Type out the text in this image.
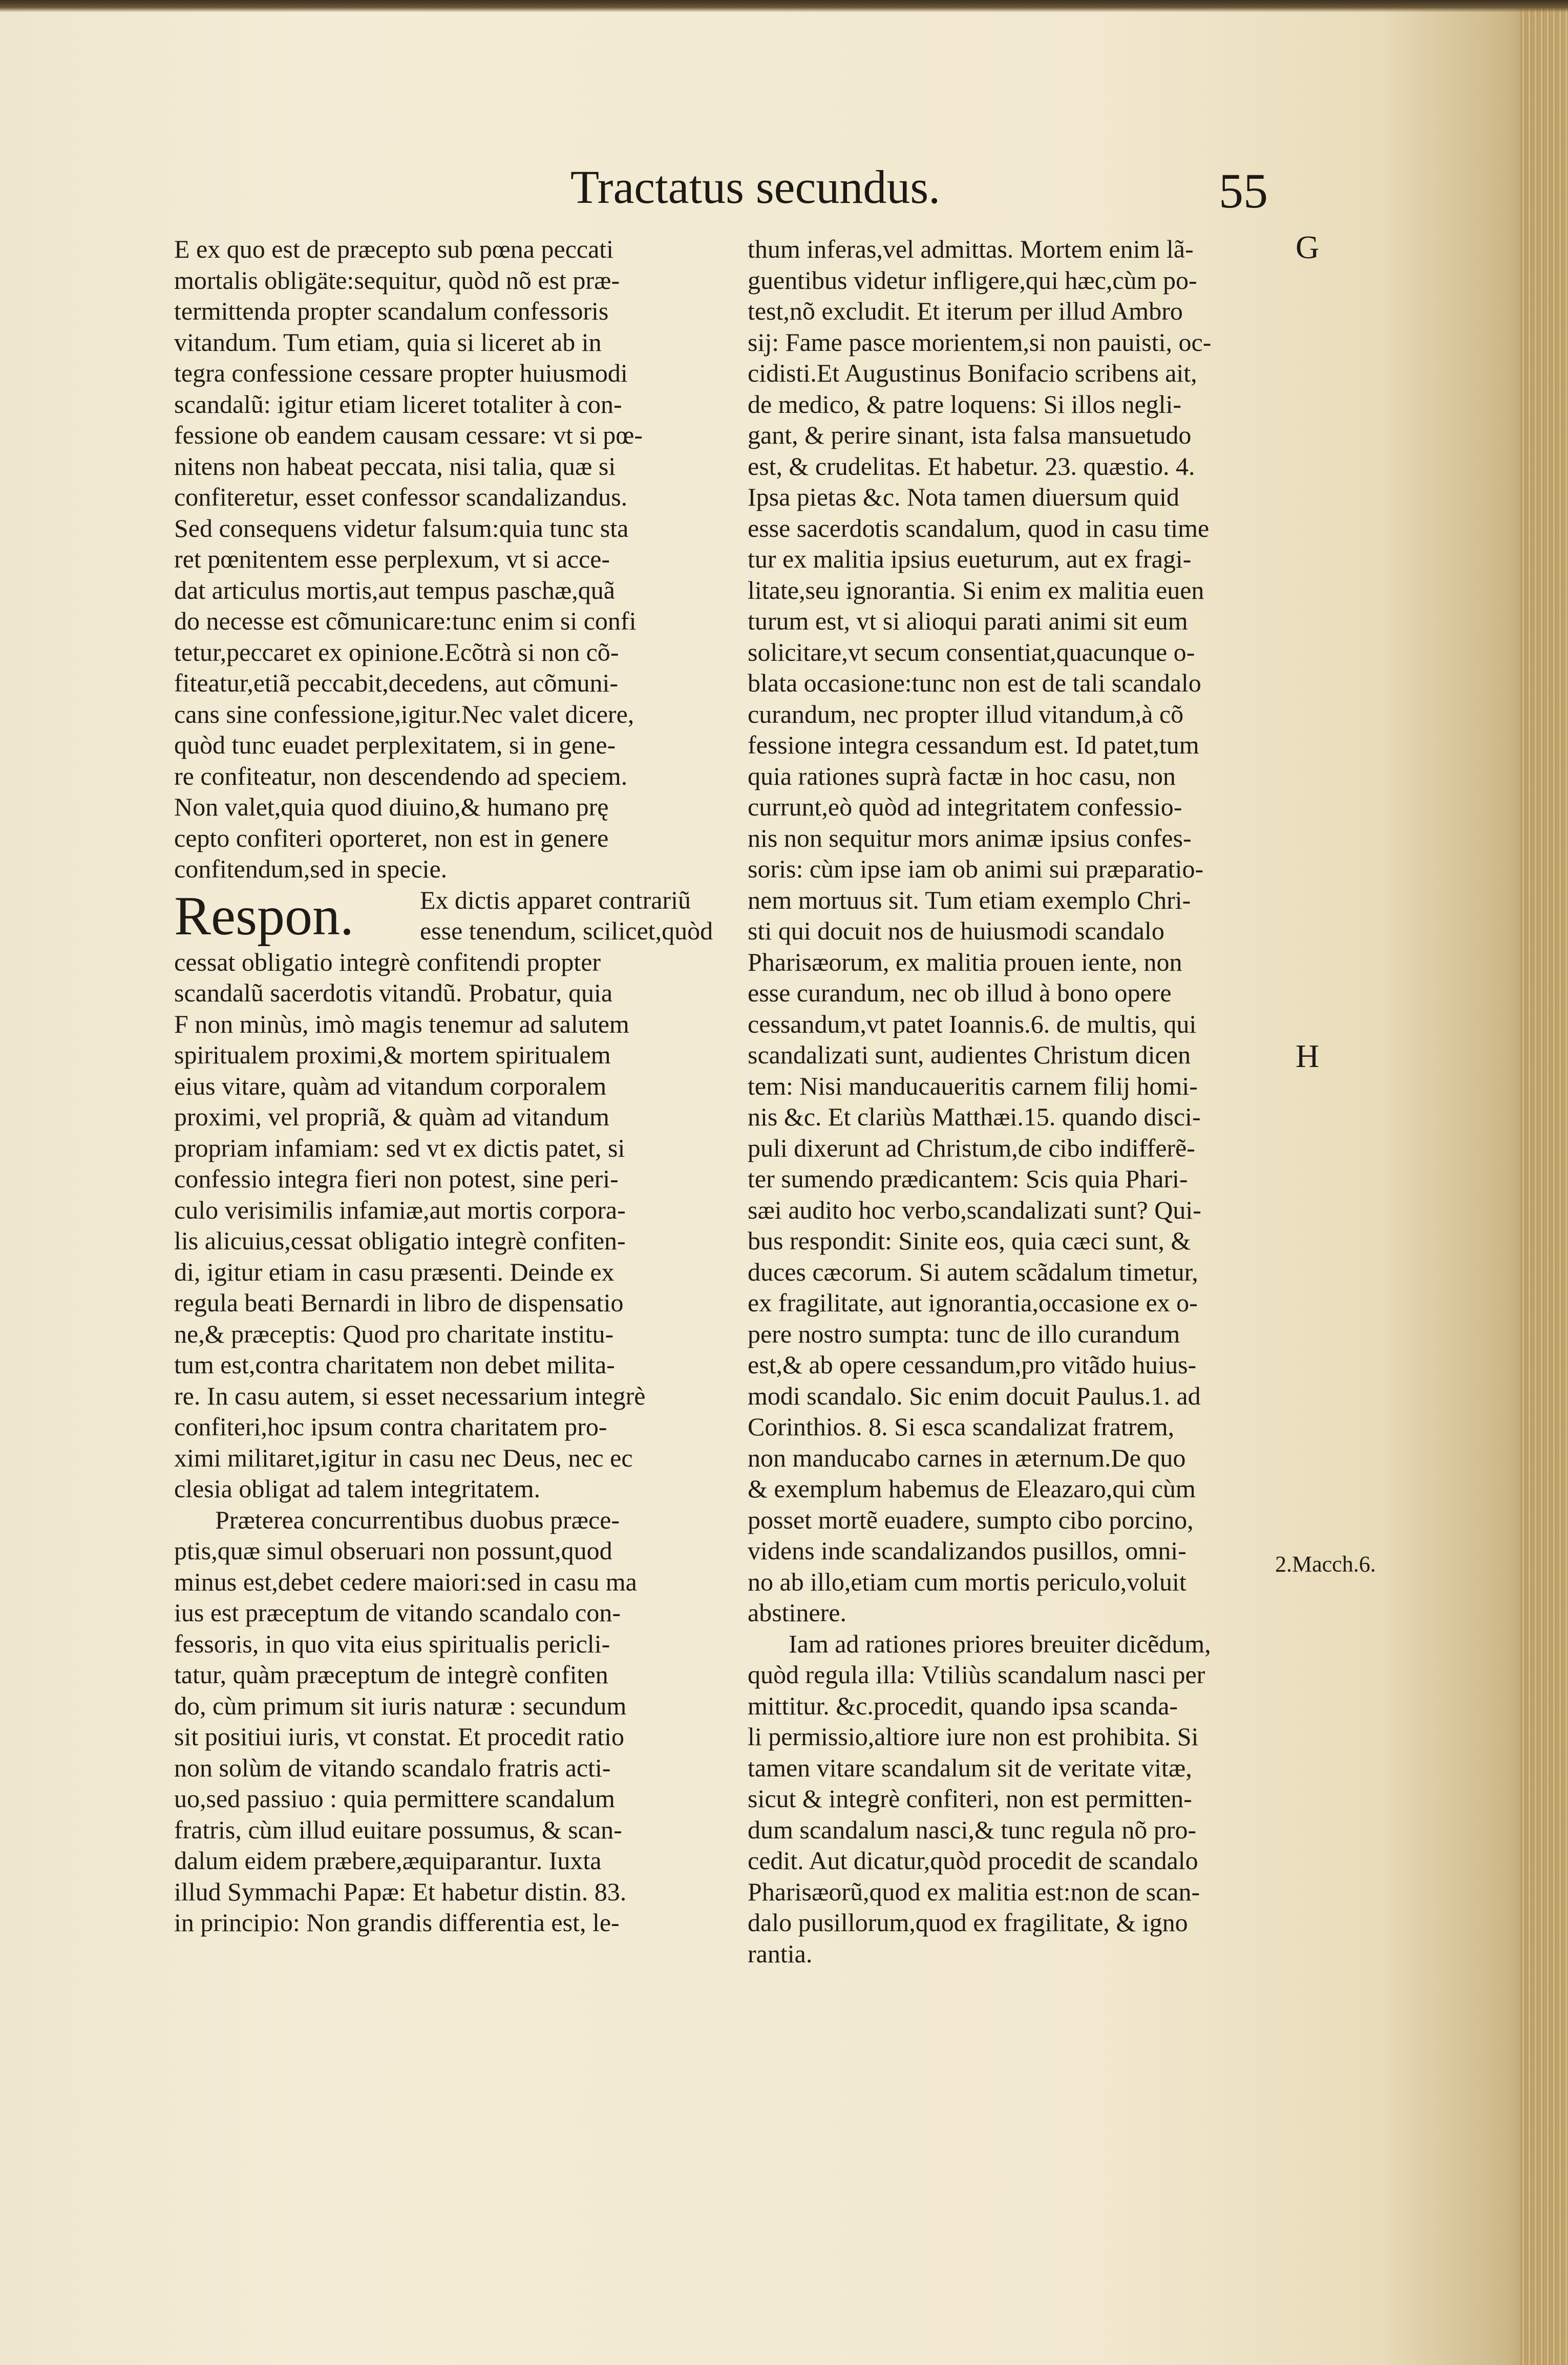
Tractatus secundus.	55
E ex quo est de præcepto sub pœna peccati
mortalis obligäte:sequitur, quòd nõ est præ-
termittenda propter scandalum confessoris
vitandum. Tum etiam, quia si liceret ab in
tegra confessione cessare propter huiusmodi
scandalũ: igitur etiam liceret totaliter à con-
fessione ob eandem causam cessare: vt si pœ-
nitens non habeat peccata, nisi talia, quæ si
confiteretur, esset confessor scandalizandus.
Sed consequens videtur falsum:quia tunc sta
ret pœnitentem esse perplexum, vt si acce-
dat articulus mortis,aut tempus paschæ,quã
do necesse est cõmunicare:tunc enim si confi
tetur,peccaret ex opinione.Ecõtrà si non cõ-
fiteatur,etiã peccabit,decedens, aut cõmuni-
cans sine confessione,igitur.Nec valet dicere,
quòd tunc euadet perplexitatem, si in gene-
re confiteatur, non descendendo ad speciem.
Non valet,quia quod diuino,& humano prę
cepto confiteri oporteret, non est in genere
confitendum,sed in specie.
Respon.	Ex dictis apparet contrariũ
esse tenendum, scilicet,quòd
cessat obligatio integrè confitendi propter
scandalũ sacerdotis vitandũ. Probatur, quia
F non minùs, imò magis tenemur ad salutem
spiritualem proximi,& mortem spiritualem
eius vitare, quàm ad vitandum corporalem
proximi, vel propriã, & quàm ad vitandum
propriam infamiam: sed vt ex dictis patet, si
confessio integra fieri non potest, sine peri-
culo verisimilis infamiæ,aut mortis corpora-
lis alicuius,cessat obligatio integrè confiten-
di, igitur etiam in casu præsenti. Deinde ex
regula beati Bernardi in libro de dispensatio
ne,& præceptis: Quod pro charitate institu-
tum est,contra charitatem non debet milita-
re. In casu autem, si esset necessarium integrè
confiteri,hoc ipsum contra charitatem pro-
ximi militaret,igitur in casu nec Deus, nec ec
clesia obligat ad talem integritatem.
Præterea concurrentibus duobus præce-
ptis,quæ simul obseruari non possunt,quod
minus est,debet cedere maiori:sed in casu ma
ius est præceptum de vitando scandalo con-
fessoris, in quo vita eius spiritualis pericli-
tatur, quàm præceptum de integrè confiten
do, cùm primum sit iuris naturæ : secundum
sit positiui iuris, vt constat. Et procedit ratio
non solùm de vitando scandalo fratris acti-
uo,sed passiuo : quia permittere scandalum
fratris, cùm illud euitare possumus, & scan-
dalum eidem præbere,æquiparantur. Iuxta
illud Symmachi Papæ: Et habetur distin. 83.
in principio: Non grandis differentia est, le-
thum inferas,vel admittas. Mortem enim lã-
guentibus videtur infligere,qui hæc,cùm po-
test,nõ excludit. Et iterum per illud Ambro
sij: Fame pasce morientem,si non pauisti, oc-
cidisti.Et Augustinus Bonifacio scribens ait,
de medico, & patre loquens: Si illos negli-
gant, & perire sinant, ista falsa mansuetudo
est, & crudelitas. Et habetur. 23. quæstio. 4.
Ipsa pietas &c. Nota tamen diuersum quid
esse sacerdotis scandalum, quod in casu time
tur ex malitia ipsius eueturum, aut ex fragi-
litate,seu ignorantia. Si enim ex malitia euen
turum est, vt si alioqui parati animi sit eum
solicitare,vt secum consentiat,quacunque o-
blata occasione:tunc non est de tali scandalo
curandum, nec propter illud vitandum,à cõ
fessione integra cessandum est. Id patet,tum
quia rationes suprà factæ in hoc casu, non
currunt,eò quòd ad integritatem confessio-
nis non sequitur mors animæ ipsius confes-
soris: cùm ipse iam ob animi sui præparatio-
nem mortuus sit. Tum etiam exemplo Chri-
sti qui docuit nos de huiusmodi scandalo
Pharisæorum, ex malitia prouen iente, non
esse curandum, nec ob illud à bono opere
cessandum,vt patet Ioannis.6. de multis, qui
scandalizati sunt, audientes Christum dicen
tem: Nisi manducaueritis carnem filij homi-
nis &c. Et clariùs Matthæi.15. quando disci-
puli dixerunt ad Christum,de cibo indifferẽ-
ter sumendo prædicantem: Scis quia Phari-
sæi audito hoc verbo,scandalizati sunt? Qui-
bus respondit: Sinite eos, quia cæci sunt, &
duces cæcorum. Si autem scãdalum timetur,
ex fragilitate, aut ignorantia,occasione ex o-
pere nostro sumpta: tunc de illo curandum
est,& ab opere cessandum,pro vitãdo huius-
modi scandalo. Sic enim docuit Paulus.1. ad
Corinthios. 8. Si esca scandalizat fratrem,
non manducabo carnes in æternum.De quo
& exemplum habemus de Eleazaro,qui cùm
posset mortẽ euadere, sumpto cibo porcino,
videns inde scandalizandos pusillos, omni-
no ab illo,etiam cum mortis periculo,voluit
abstinere.
Iam ad rationes priores breuiter dicẽdum,
quòd regula illa: Vtiliùs scandalum nasci per
mittitur. &c.procedit, quando ipsa scanda-
li permissio,altiore iure non est prohibita. Si
tamen vitare scandalum sit de veritate vitæ,
sicut & integrè confiteri, non est permitten-
dum scandalum nasci,& tunc regula nõ pro-
cedit. Aut dicatur,quòd procedit de scandalo
Pharisæorũ,quod ex malitia est:non de scan-
dalo pusillorum,quod ex fragilitate, & igno
rantia.
G
H
2.Macch.6.
